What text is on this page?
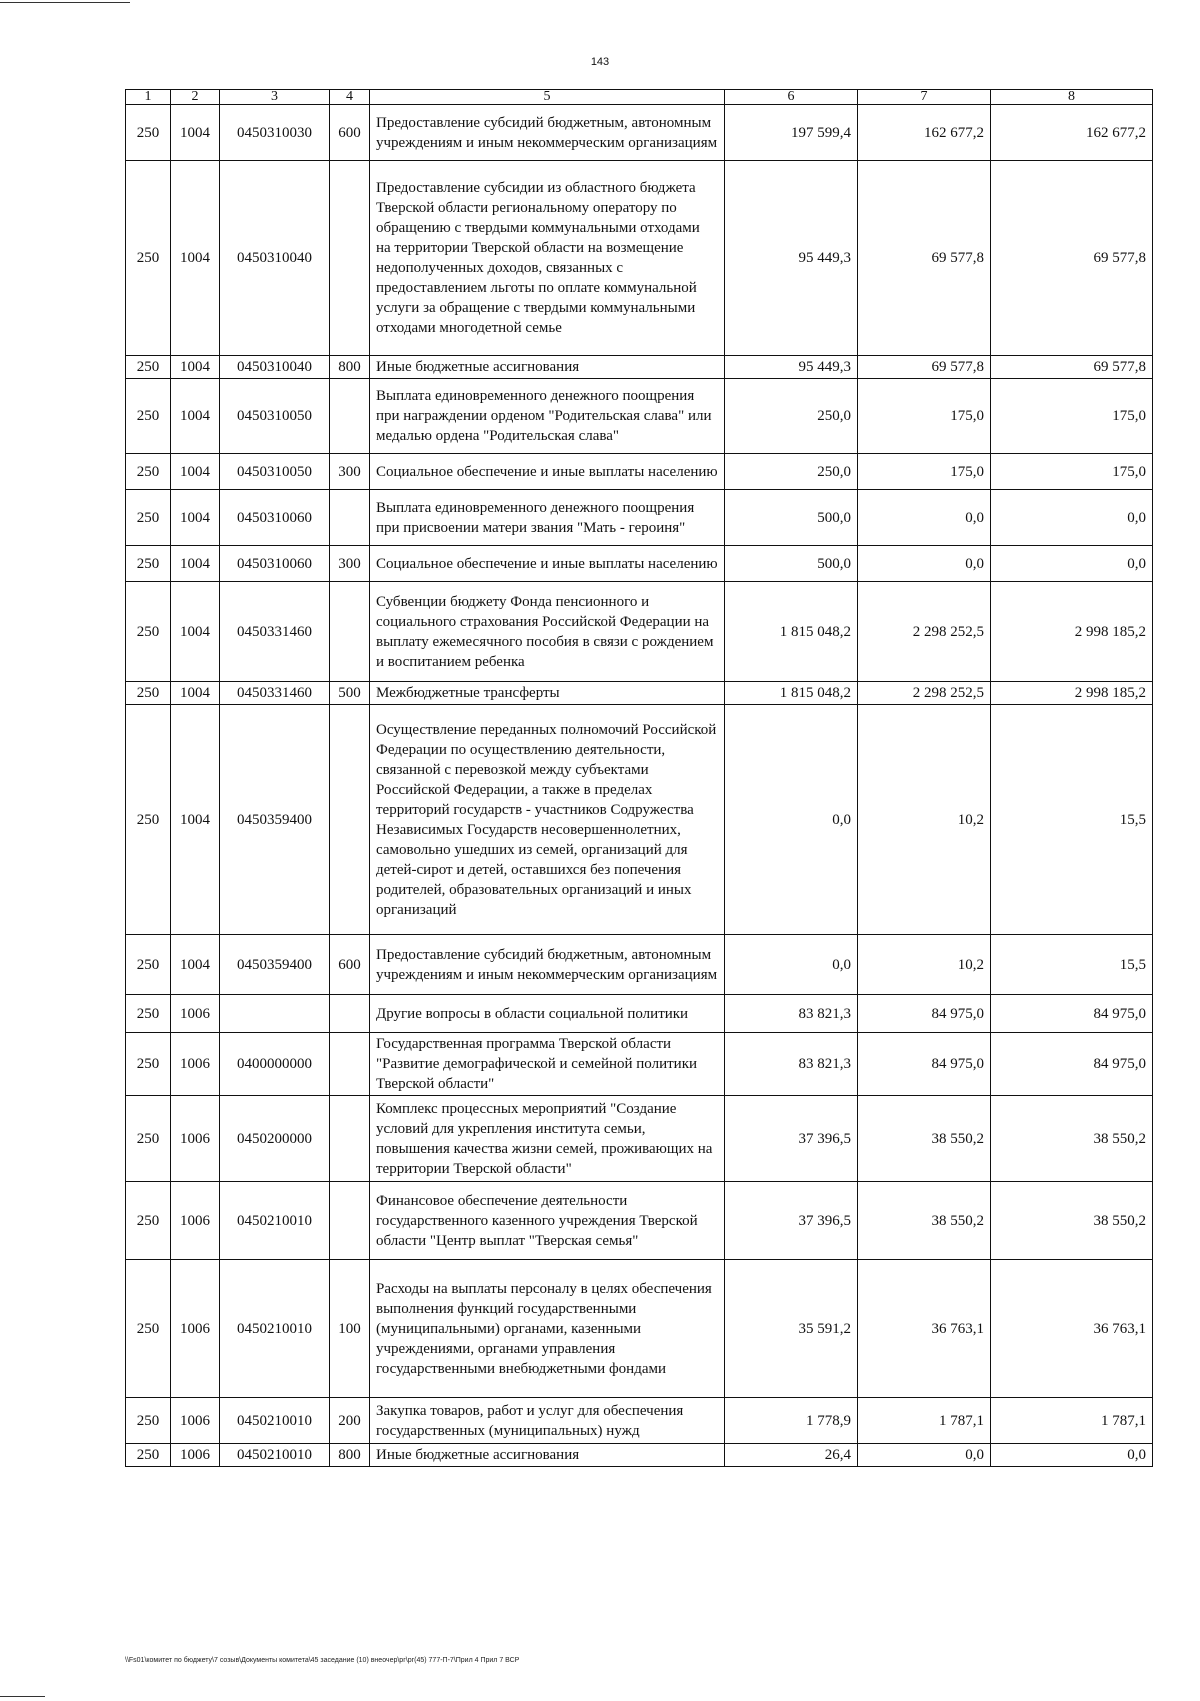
143
1	2	3	4	5	6	7	8
250	1004	0450310030	600	Предоставление субсидий бюджетным, автономным учреждениям и иным некоммерческим организациям	197 599,4	162 677,2	162 677,2
250	1004	0450310040		Предоставление субсидии из областного бюджета Тверской области региональному оператору по обращению с твердыми коммунальными отходами на территории Тверской области на возмещение недополученных доходов, связанных с предоставлением льготы по оплате коммунальной услуги за обращение с твердыми коммунальными отходами многодетной семье	95 449,3	69 577,8	69 577,8
250	1004	0450310040	800	Иные бюджетные ассигнования	95 449,3	69 577,8	69 577,8
250	1004	0450310050		Выплата единовременного денежного поощрения при награждении орденом "Родительская слава" или медалью ордена "Родительская слава"	250,0	175,0	175,0
250	1004	0450310050	300	Социальное обеспечение и иные выплаты населению	250,0	175,0	175,0
250	1004	0450310060		Выплата единовременного денежного поощрения при присвоении матери звания "Мать - героиня"	500,0	0,0	0,0
250	1004	0450310060	300	Социальное обеспечение и иные выплаты населению	500,0	0,0	0,0
250	1004	0450331460		Субвенции бюджету Фонда пенсионного и социального страхования Российской Федерации на выплату ежемесячного пособия в связи с рождением и воспитанием ребенка	1 815 048,2	2 298 252,5	2 998 185,2
250	1004	0450331460	500	Межбюджетные трансферты	1 815 048,2	2 298 252,5	2 998 185,2
250	1004	0450359400		Осуществление переданных полномочий Российской Федерации по осуществлению деятельности, связанной с перевозкой между субъектами Российской Федерации, а также в пределах территорий государств - участников Содружества Независимых Государств несовершеннолетних, самовольно ушедших из семей, организаций для детей-сирот и детей, оставшихся без попечения родителей, образовательных организаций и иных организаций	0,0	10,2	15,5
250	1004	0450359400	600	Предоставление субсидий бюджетным, автономным учреждениям и иным некоммерческим организациям	0,0	10,2	15,5
250	1006			Другие вопросы в области социальной политики	83 821,3	84 975,0	84 975,0
250	1006	0400000000		Государственная программа Тверской области "Развитие демографической и семейной политики Тверской области"	83 821,3	84 975,0	84 975,0
250	1006	0450200000		Комплекс процессных мероприятий "Создание условий для укрепления института семьи, повышения качества жизни семей, проживающих на территории Тверской области"	37 396,5	38 550,2	38 550,2
250	1006	0450210010		Финансовое обеспечение деятельности государственного казенного учреждения Тверской области "Центр выплат "Тверская семья"	37 396,5	38 550,2	38 550,2
250	1006	0450210010	100	Расходы на выплаты персоналу в целях обеспечения выполнения функций государственными (муниципальными) органами, казенными учреждениями, органами управления государственными внебюджетными фондами	35 591,2	36 763,1	36 763,1
250	1006	0450210010	200	Закупка товаров, работ и услуг для обеспечения государственных (муниципальных) нужд	1 778,9	1 787,1	1 787,1
250	1006	0450210010	800	Иные бюджетные ассигнования	26,4	0,0	0,0
\\Fs01\комитет по бюджету\7 созыв\Документы комитета\45 заседание (10) внеочер\рг\рг(45) 777-П-7\Прил 4 Прил 7 ВСР
